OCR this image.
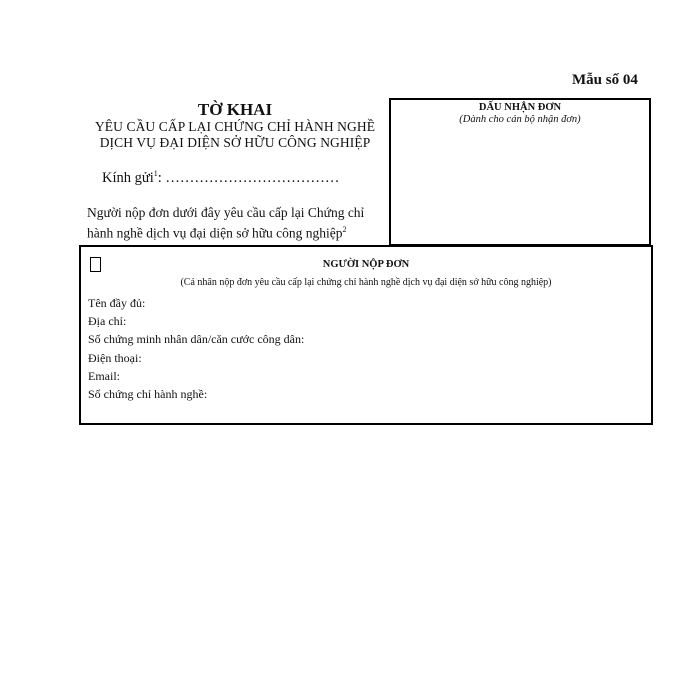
Mẫu số 04
TỜ KHAI
YÊU CẦU CẤP LẠI CHỨNG CHỈ HÀNH NGHỀ
DỊCH VỤ ĐẠI DIỆN SỞ HỮU CÔNG NGHIỆP
Kính gửi$^1$: ………………………………
Người nộp đơn dưới đây yêu cầu cấp lại Chứng chỉ hành nghề dịch vụ đại diện sở hữu công nghiệp$^2$
DẤU NHẬN ĐƠN
(Dành cho cán bộ nhận đơn)
NGƯỜI NỘP ĐƠN
(Cá nhân nộp đơn yêu cầu cấp lại chứng chỉ hành nghề dịch vụ đại diện sở hữu công nghiệp)
Tên đầy đủ:
Địa chỉ:
Số chứng minh nhân dân/căn cước công dân:
Điện thoại:
Email:
Số chứng chỉ hành nghề:
